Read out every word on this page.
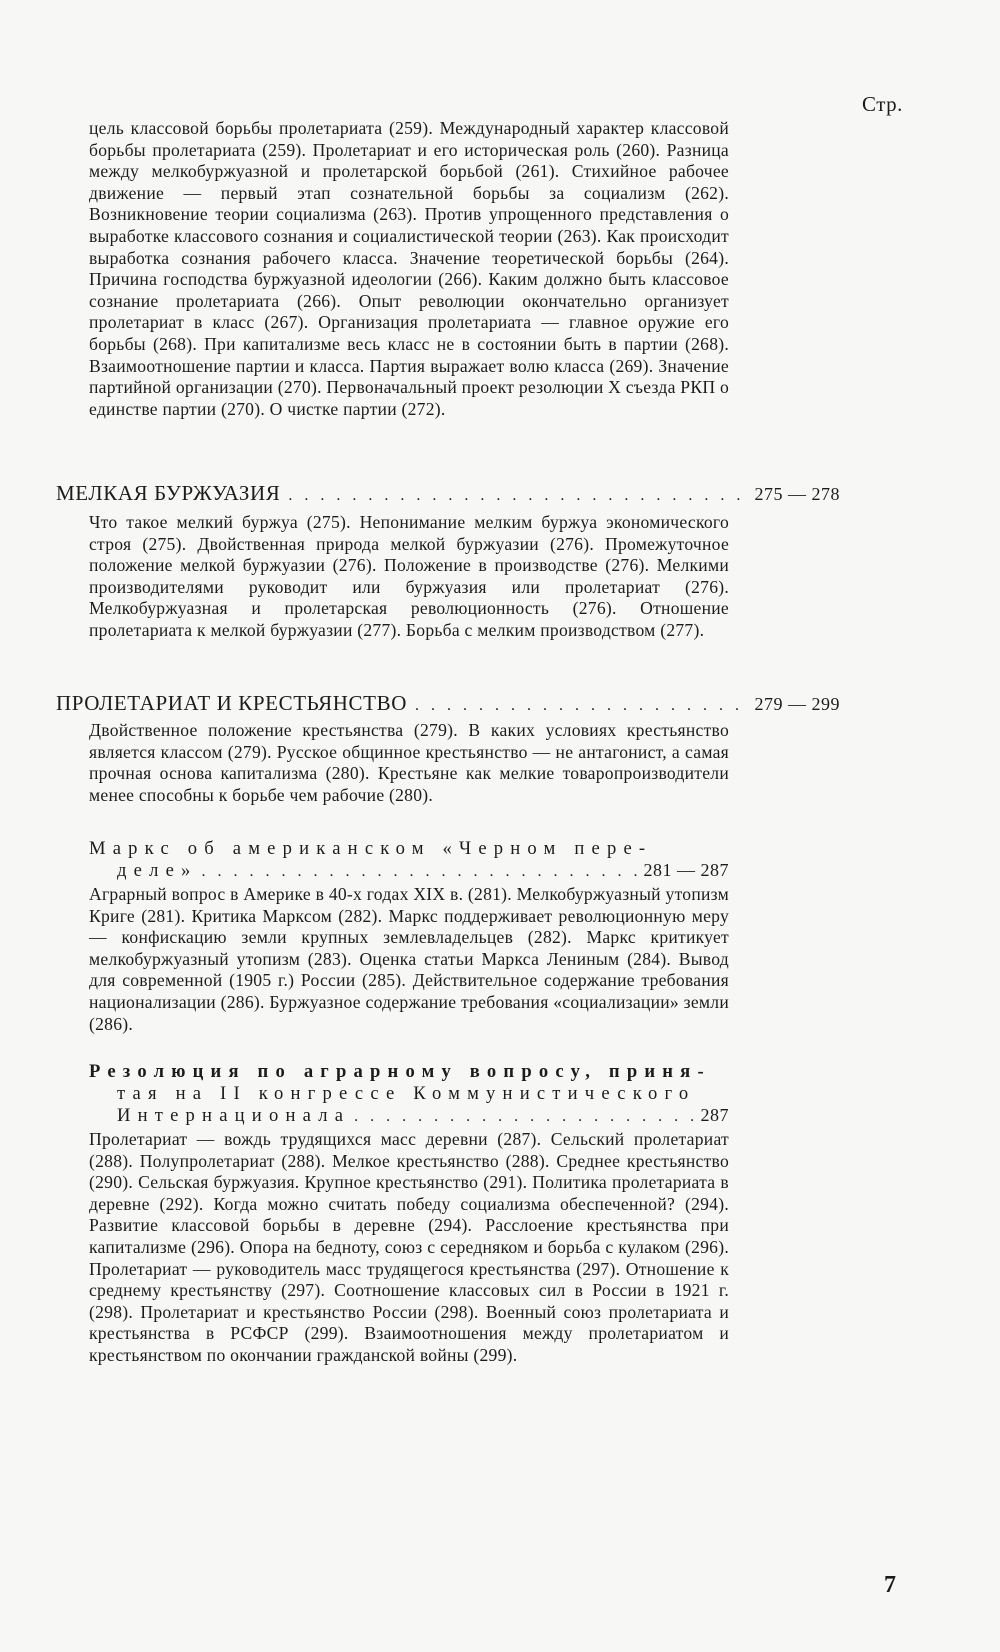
Стр.

цель классовой борьбы пролетариата (259). Международный характер классовой борьбы пролетариата (259). Пролетариат и его историческая роль (260). Разница между мелкобуржуазной и пролетарской борьбой (261). Стихийное рабочее движение — первый этап сознательной борьбы за социализм (262). Возникновение теории социализма (263). Против упрощенного представления о выработке классового сознания и социалистической теории (263). Как происходит выработка сознания рабочего класса. Значение теоретической борьбы (264). Причина господства буржуазной идеологии (266). Каким должно быть классовое сознание пролетариата (266). Опыт революции окончательно организует пролетариат в класс (267). Организация пролетариата — главное оружие его борьбы (268). При капитализме весь класс не в состоянии быть в партии (268). Взаимоотношение партии и класса. Партия выражает волю класса (269). Значение партийной организации (270). Первоначальный проект резолюции X съезда РКП о единстве партии (270). О чистке партии (272).

МЕЛКАЯ БУРЖУАЗИЯ . . .	275 — 278

Что такое мелкий буржуа (275). Непонимание мелким буржуа экономического строя (275). Двойственная природа мелкой буржуазии (276). Промежуточное положение мелкой буржуазии (276). Положение в производстве (276). Мелкими производителями руководит или буржуазия или пролетариат (276). Мелкобуржуазная и пролетарская революционность (276). Отношение пролетариата к мелкой буржуазии (277). Борьба с мелким производством (277).

ПРОЛЕТАРИАТ И КРЕСТЬЯНСТВО . . .	279 — 299

Двойственное положение крестьянства (279). В каких условиях крестьянство является классом (279). Русское общинное крестьянство — не антагонист, а самая прочная основа капитализма (280). Крестьяне как мелкие товаропроизводители менее способны к борьбе чем рабочие (280).

Маркс об американском «Черном пере-
деле» . . .	281 — 287

Аграрный вопрос в Америке в 40-х годах XIX в. (281). Мелкобуржуазный утопизм Криге (281). Критика Марксом (282). Маркс поддерживает революционную меру — конфискацию земли крупных землевладельцев (282). Маркс критикует мелкобуржуазный утопизм (283). Оценка статьи Маркса Лениным (284). Вывод для современной (1905 г.) России (285). Действительное содержание требования национализации (286). Буржуазное содержание требования «социализации» земли (286).

Резолюция по аграрному вопросу, приня-
тая на II конгрессе Коммунистического
Интернационала . . .	287

Пролетариат — вождь трудящихся масс деревни (287). Сельский пролетариат (288). Полупролетариат (288). Мелкое крестьянство (288). Среднее крестьянство (290). Сельская буржуазия. Крупное крестьянство (291). Политика пролетариата в деревне (292). Когда можно считать победу социализма обеспеченной? (294). Развитие классовой борьбы в деревне (294). Расслоение крестьянства при капитализме (296). Опора на бедноту, союз с середняком и борьба с кулаком (296). Пролетариат — руководитель масс трудящегося крестьянства (297). Отношение к среднему крестьянству (297). Соотношение классовых сил в России в 1921 г. (298). Пролетариат и крестьянство России (298). Военный союз пролетариата и крестьянства в РСФСР (299). Взаимоотношения между пролетариатом и крестьянством по окончании гражданской войны (299).

7
